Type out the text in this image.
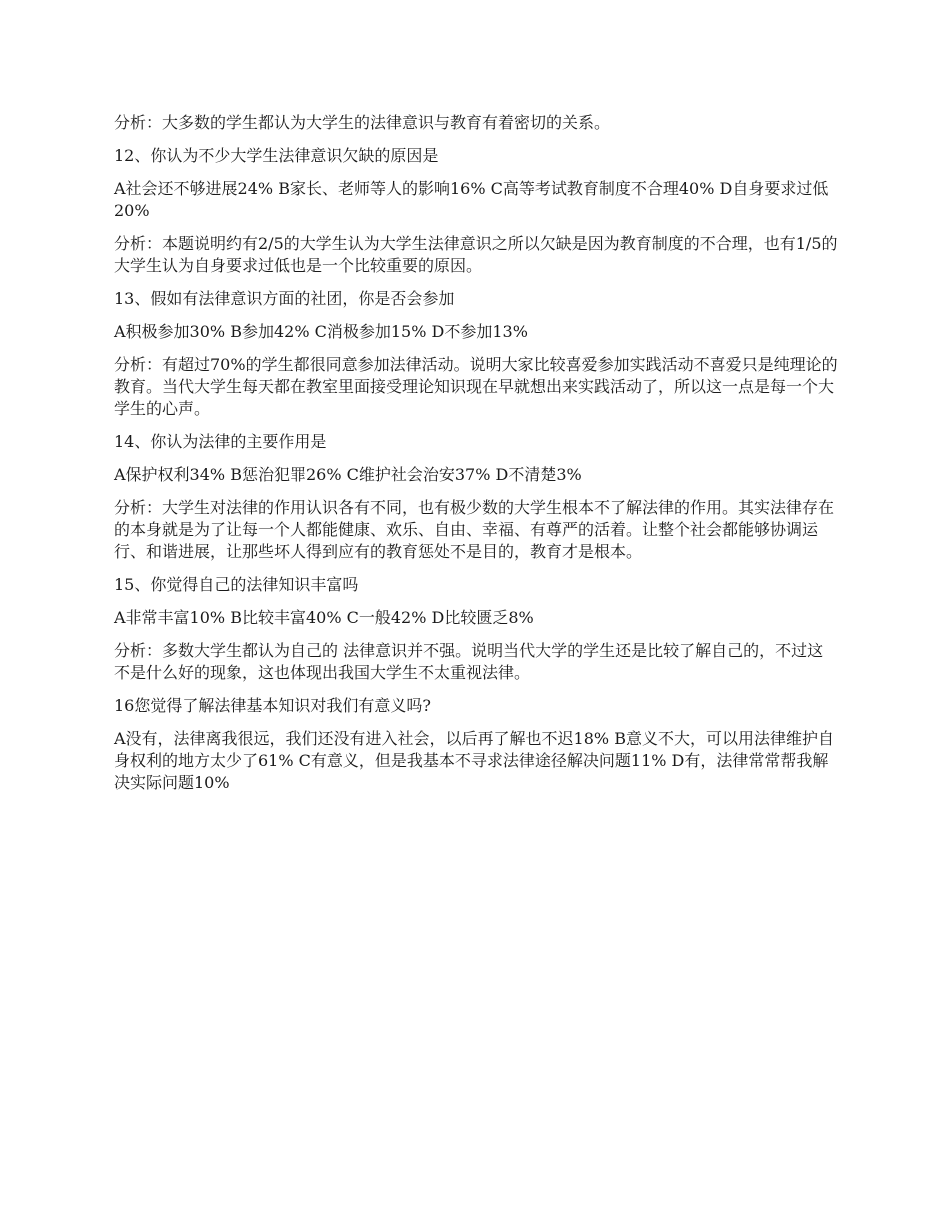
分析：大多数的学生都认为大学生的法律意识与教育有着密切的关系。

12、你认为不少大学生法律意识欠缺的原因是

A社会还不够进展24% B家长、老师等人的影响16% C高等考试教育制度不合理40% D自身要求过低20%

分析：本题说明约有2/5的大学生认为大学生法律意识之所以欠缺是因为教育制度的不合理，也有1/5的大学生认为自身要求过低也是一个比较重要的原因。

13、假如有法律意识方面的社团，你是否会参加

A积极参加30% B参加42% C消极参加15% D不参加13%

分析：有超过70%的学生都很同意参加法律活动。说明大家比较喜爱参加实践活动不喜爱只是纯理论的教育。当代大学生每天都在教室里面接受理论知识现在早就想出来实践活动了，所以这一点是每一个大学生的心声。

14、你认为法律的主要作用是

A保护权利34% B惩治犯罪26% C维护社会治安37% D不清楚3%

分析：大学生对法律的作用认识各有不同，也有极少数的大学生根本不了解法律的作用。其实法律存在的本身就是为了让每一个人都能健康、欢乐、自由、幸福、有尊严的活着。让整个社会都能够协调运行、和谐进展，让那些坏人得到应有的教育惩处不是目的，教育才是根本。

15、你觉得自己的法律知识丰富吗

A非常丰富10% B比较丰富40% C一般42% D比较匮乏8%

分析：多数大学生都认为自己的 法律意识并不强。说明当代大学的学生还是比较了解自己的，不过这不是什么好的现象，这也体现出我国大学生不太重视法律。

16您觉得了解法律基本知识对我们有意义吗?

A没有，法律离我很远，我们还没有进入社会，以后再了解也不迟18% B意义不大，可以用法律维护自身权利的地方太少了61% C有意义，但是我基本不寻求法律途径解决问题11% D有，法律常常帮我解决实际问题10%
